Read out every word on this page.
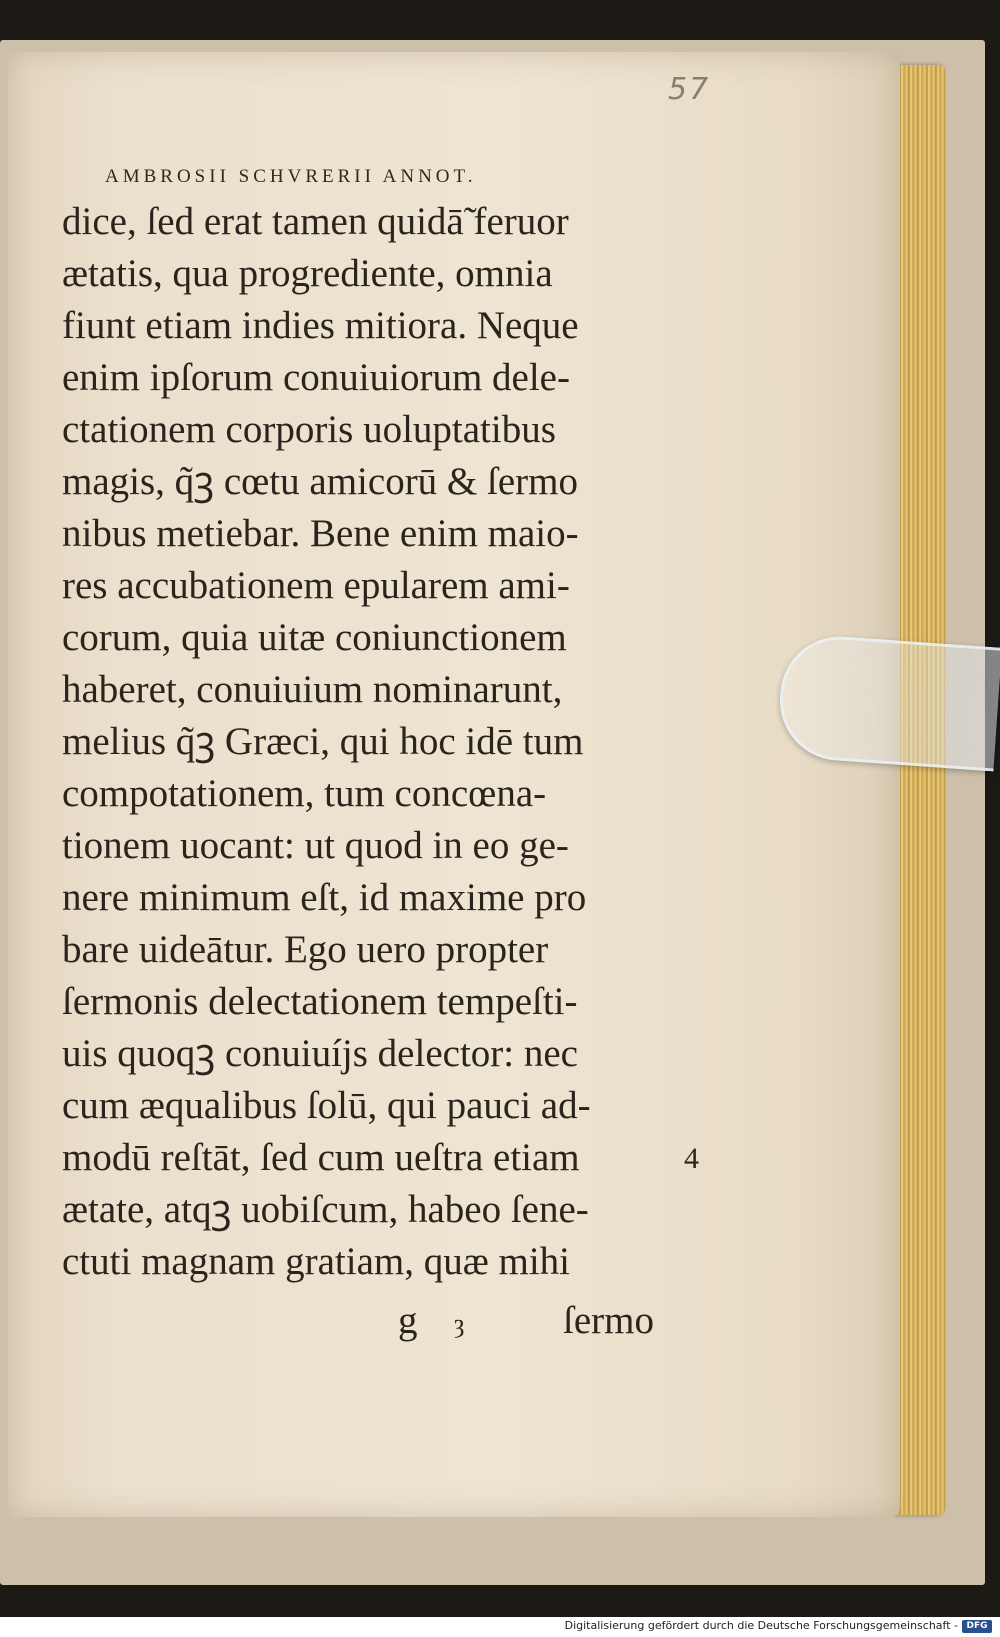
57
AMBROSII SCHVRERII ANNOT.
dice, ſed erat tamen quidā̃ feruor
ætatis, qua progrediente, omnia
fiunt etiam indies mitiora. Neque
enim ipſorum conuiuiorum dele-
ctationem corporis uoluptatibus
magis, q̃ꝫ cœtu amicorū & ſermo
nibus metiebar. Bene enim maio-
res accubationem epularem ami-
corum, quia uitæ coniunctionem
haberet, conuiuium nominarunt,
melius q̃ꝫ Græci, qui hoc idē tum
compotationem, tum concœna-
tionem uocant: ut quod in eo ge-
nere minimum eſt, id maxime pro
bare uideātur. Ego uero propter
ſermonis delectationem tempeſti-
uis quoqꝫ conuiuíjs delector: nec
cum æqualibus ſolū, qui pauci ad-
modū reſtāt, ſed cum ueſtra etiam
ætate, atqꝫ uobiſcum, habeo ſene-
ctuti magnam gratiam, quæ mihi
4
g ȝ	ſermo
Digitalisierung gefördert durch die Deutsche Forschungsgemeinschaft - DFG
